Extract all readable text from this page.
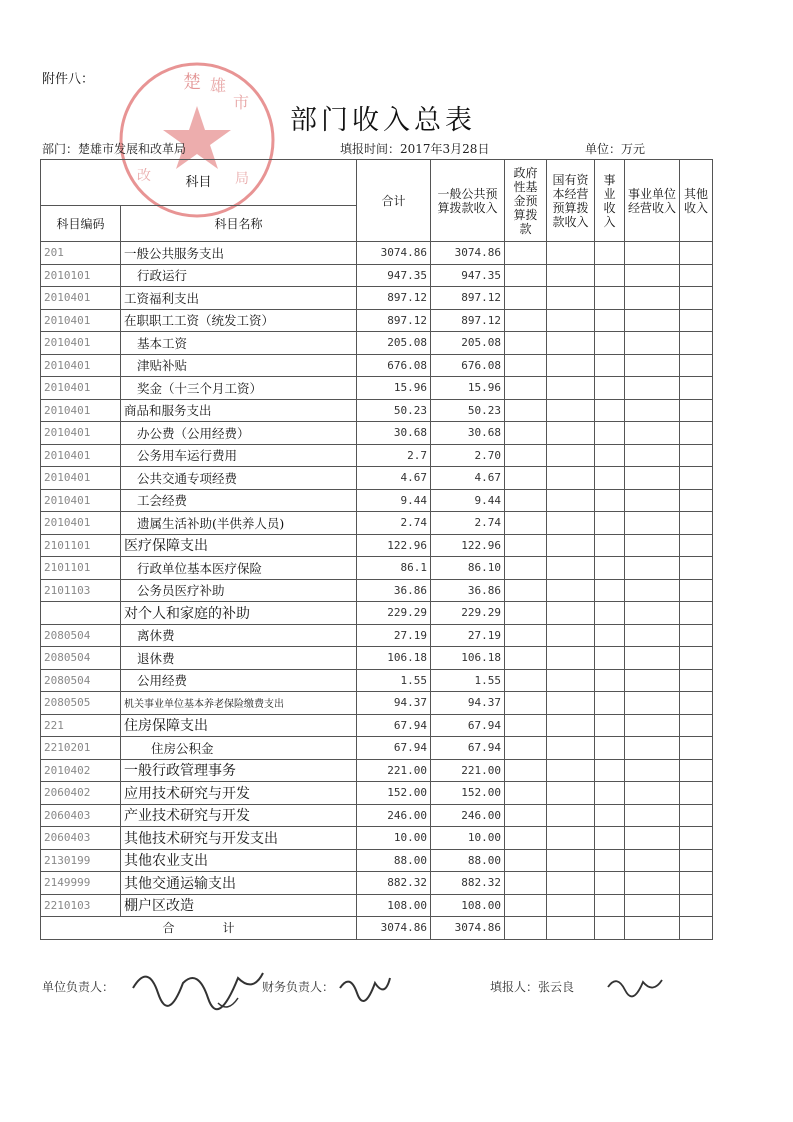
附件八：	楚 雄
市
改	局
部门收入总表
部门：楚雄市发展和改革局	填报时间：2017年3月28日	单位：万元
科目		合计	一般公共预算拨款收入	政府性基金预算拨款	国有资本经营预算拨款收入	事业收入	事业单位经营收入	其他收入
科目编码	科目名称							
201	一般公共服务支出	3074.86	3074.86					
2010101	行政运行	947.35	947.35					
2010401	工资福利支出	897.12	897.12					
2010401	在职职工工资（统发工资）	897.12	897.12					
2010401	基本工资	205.08	205.08					
2010401	津贴补贴	676.08	676.08					
2010401	奖金（十三个月工资）	15.96	15.96					
2010401	商品和服务支出	50.23	50.23					
2010401	办公费（公用经费）	30.68	30.68					
2010401	公务用车运行费用	2.7	2.70					
2010401	公共交通专项经费	4.67	4.67					
2010401	工会经费	9.44	9.44					
2010401	遗属生活补助(半供养人员)	2.74	2.74					
2101101	医疗保障支出	122.96	122.96					
2101101	行政单位基本医疗保险	86.1	86.10					
2101103	公务员医疗补助	36.86	36.86					
	对个人和家庭的补助	229.29	229.29					
2080504	离休费	27.19	27.19					
2080504	退休费	106.18	106.18					
2080504	公用经费	1.55	1.55					
2080505	机关事业单位基本养老保险缴费支出	94.37	94.37					
221	住房保障支出	67.94	67.94					
2210201	住房公积金	67.94	67.94					
2010402	一般行政管理事务	221.00	221.00					
2060402	应用技术研究与开发	152.00	152.00					
2060403	产业技术研究与开发	246.00	246.00					
2060403	其他技术研究与开发支出	10.00	10.00					
2130199	其他农业支出	88.00	88.00					
2149999	其他交通运输支出	882.32	882.32					
2210103	棚户区改造	108.00	108.00					
合　　　　计		3074.86	3074.86					
单位负责人：	财务负责人：	填报人：张云良
